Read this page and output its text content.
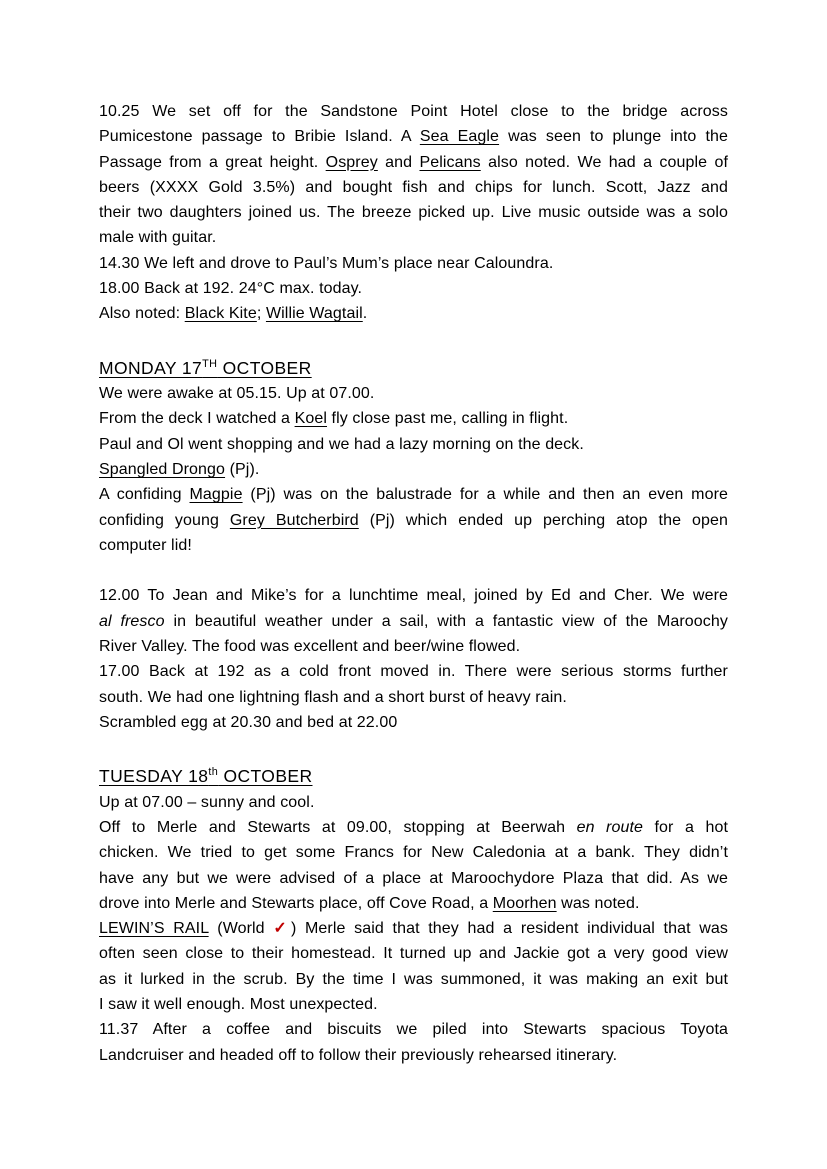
10.25 We set off for the Sandstone Point Hotel close to the bridge across
Pumicestone passage to Bribie Island. A Sea Eagle was seen to plunge into the
Passage from a great height. Osprey and Pelicans also noted. We had a couple of
beers (XXXX Gold 3.5%) and bought fish and chips for lunch. Scott, Jazz and
their two daughters joined us. The breeze picked up. Live music outside was a solo
male with guitar.
14.30 We left and drove to Paul’s Mum’s place near Caloundra.
18.00 Back at 192. 24°C max. today.
Also noted: Black Kite; Willie Wagtail.
MONDAY 17TH OCTOBER
We were awake at 05.15. Up at 07.00.
From the deck I watched a Koel fly close past me, calling in flight.
Paul and Ol went shopping and we had a lazy morning on the deck.
Spangled Drongo (Pj).
A confiding Magpie (Pj) was on the balustrade for a while and then an even more
confiding young Grey Butcherbird (Pj) which ended up perching atop the open
computer lid!
12.00 To Jean and Mike’s for a lunchtime meal, joined by Ed and Cher. We were
al fresco in beautiful weather under a sail, with a fantastic view of the Maroochy
River Valley. The food was excellent and beer/wine flowed.
17.00 Back at 192 as a cold front moved in. There were serious storms further
south. We had one lightning flash and a short burst of heavy rain.
Scrambled egg at 20.30 and bed at 22.00
TUESDAY 18th OCTOBER
Up at 07.00 – sunny and cool.
Off to Merle and Stewarts at 09.00, stopping at Beerwah en route for a hot
chicken. We tried to get some Francs for New Caledonia at a bank. They didn’t
have any but we were advised of a place at Maroochydore Plaza that did. As we
drove into Merle and Stewarts place, off Cove Road, a Moorhen was noted.
LEWIN’S RAIL (World ✓) Merle said that they had a resident individual that was
often seen close to their homestead. It turned up and Jackie got a very good view
as it lurked in the scrub. By the time I was summoned, it was making an exit but
I saw it well enough. Most unexpected.
11.37 After a coffee and biscuits we piled into Stewarts spacious Toyota
Landcruiser and headed off to follow their previously rehearsed itinerary.
